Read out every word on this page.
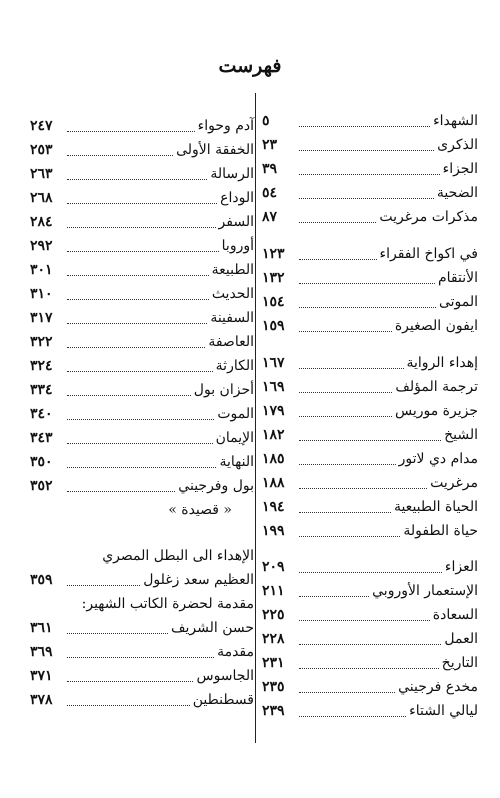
فهرست
الشهداء
٥
الذكرى
٢٣
الجزاء
٣٩
الضحية
٥٤
مذكرات مرغريت
٨٧
في اكواخ الفقراء
١٢٣
الأنتقام
١٣٢
الموتى
١٥٤
ايفون الصغيرة
١٥٩
إهداء الرواية
١٦٧
ترجمة المؤلف
١٦٩
جزيرة موريس
١٧٩
الشيخ
١٨٢
مدام دي لاتور
١٨٥
مرغريت
١٨٨
الحياة الطبيعية
١٩٤
حياة الطفولة
١٩٩
العزاء
٢٠٩
الإستعمار الأوروبي
٢١١
السعادة
٢٢٥
العمل
٢٢٨
التاريخ
٢٣١
مخدع فرجيني
٢٣٥
ليالي الشتاء
٢٣٩
آدم وحواء
٢٤٧
الخفقة الأولى
٢٥٣
الرسالة
٢٦٣
الوداع
٢٦٨
السفر
٢٨٤
أوروبا
٢٩٢
الطبيعة
٣٠١
الحديث
٣١٠
السفينة
٣١٧
العاصفة
٣٢٢
الكارثة
٣٢٤
أحزان بول
٣٣٤
الموت
٣٤٠
الإيمان
٣٤٣
النهاية
٣٥٠
بول وفرجيني
٣٥٢
« قصيدة »
الإهداء الى البطل المصري
العظيم سعد زغلول
٣٥٩
مقدمة لحضرة الكاتب الشهير:
حسن الشريف
٣٦١
مقدمة
٣٦٩
الجاسوس
٣٧١
قسطنطين
٣٧٨
